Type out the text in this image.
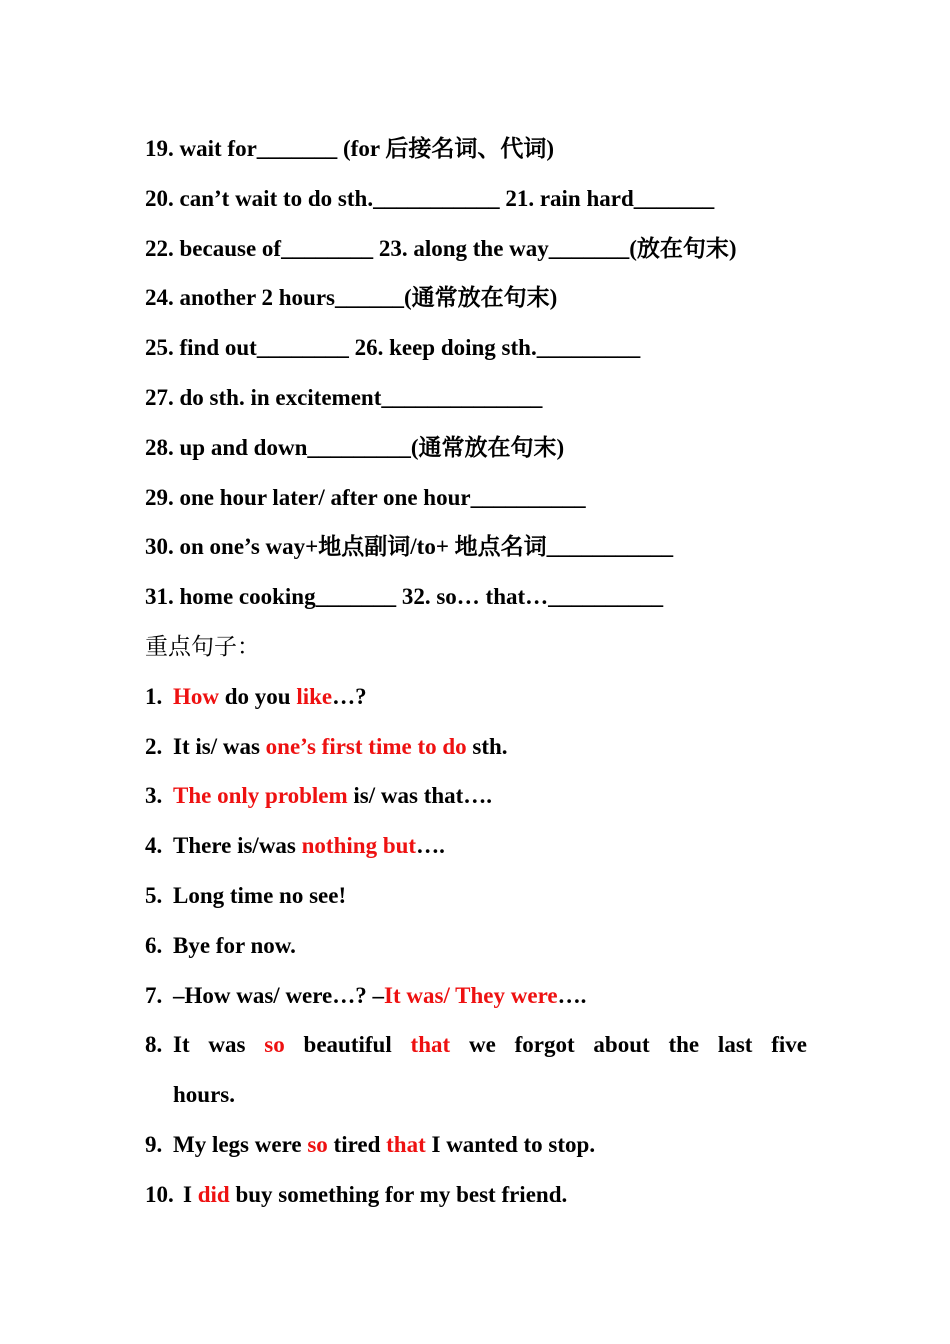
19. wait for_______ (for 后接名词、代词)
20. can’t wait to do sth.___________ 21. rain hard_______
22. because of________ 23. along the way_______(放在句末)
24. another 2 hours______(通常放在句末)
25. find out________ 26. keep doing sth._________
27. do sth. in excitement______________
28. up and down_________(通常放在句末)
29. one hour later/ after one hour__________
30. on one’s way+地点副词/to+ 地点名词___________
31. home cooking_______ 32. so… that…__________
重点句子：
1. How do you like…?
2. It is/ was one’s first time to do sth.
3. The only problem is/ was that….
4. There is/was nothing but….
5. Long time no see!
6. Bye for now.
7. –How was/ were…? –It was/ They were….
8. It was so beautiful that we forgot about the last five
hours.
9. My legs were so tired that I wanted to stop.
10. I did buy something for my best friend.
